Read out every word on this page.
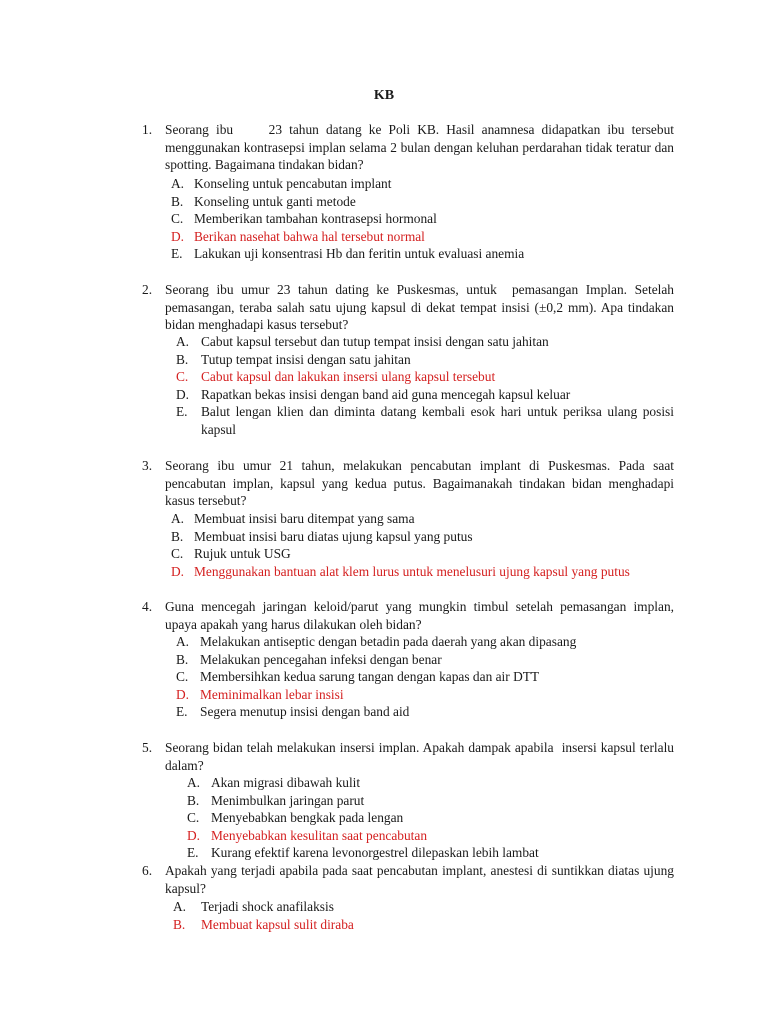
KB
1. Seorang ibu     23 tahun datang ke Poli KB. Hasil anamnesa didapatkan ibu tersebut menggunakan kontrasepsi implan selama 2 bulan dengan keluhan perdarahan tidak teratur dan spotting. Bagaimana tindakan bidan?
A. Konseling untuk pencabutan implant
B. Konseling untuk ganti metode
C. Memberikan tambahan kontrasepsi hormonal
D. Berikan nasehat bahwa hal tersebut normal
E. Lakukan uji konsentrasi Hb dan feritin untuk evaluasi anemia
2. Seorang ibu umur 23 tahun dating ke Puskesmas, untuk  pemasangan Implan. Setelah pemasangan, teraba salah satu ujung kapsul di dekat tempat insisi (±0,2 mm). Apa tindakan bidan menghadapi kasus tersebut?
A. Cabut kapsul tersebut dan tutup tempat insisi dengan satu jahitan
B. Tutup tempat insisi dengan satu jahitan
C. Cabut kapsul dan lakukan insersi ulang kapsul tersebut
D. Rapatkan bekas insisi dengan band aid guna mencegah kapsul keluar
E. Balut lengan klien dan diminta datang kembali esok hari untuk periksa ulang posisi kapsul
3. Seorang ibu umur 21 tahun, melakukan pencabutan implant di Puskesmas. Pada saat pencabutan implan, kapsul yang kedua putus. Bagaimanakah tindakan bidan menghadapi kasus tersebut?
A. Membuat insisi baru ditempat yang sama
B. Membuat insisi baru diatas ujung kapsul yang putus
C. Rujuk untuk USG
D. Menggunakan bantuan alat klem lurus untuk menelusuri ujung kapsul yang putus
4. Guna mencegah jaringan keloid/parut yang mungkin timbul setelah pemasangan implan, upaya apakah yang harus dilakukan oleh bidan?
A. Melakukan antiseptic dengan betadin pada daerah yang akan dipasang
B. Melakukan pencegahan infeksi dengan benar
C. Membersihkan kedua sarung tangan dengan kapas dan air DTT
D. Meminimalkan lebar insisi
E. Segera menutup insisi dengan band aid
5. Seorang bidan telah melakukan insersi implan. Apakah dampak apabila  insersi kapsul terlalu dalam?
A. Akan migrasi dibawah kulit
B. Menimbulkan jaringan parut
C. Menyebabkan bengkak pada lengan
D. Menyebabkan kesulitan saat pencabutan
E. Kurang efektif karena levonorgestrel dilepaskan lebih lambat
6. Apakah yang terjadi apabila pada saat pencabutan implant, anestesi di suntikkan diatas ujung kapsul?
A. Terjadi shock anafilaksis
B. Membuat kapsul sulit diraba
